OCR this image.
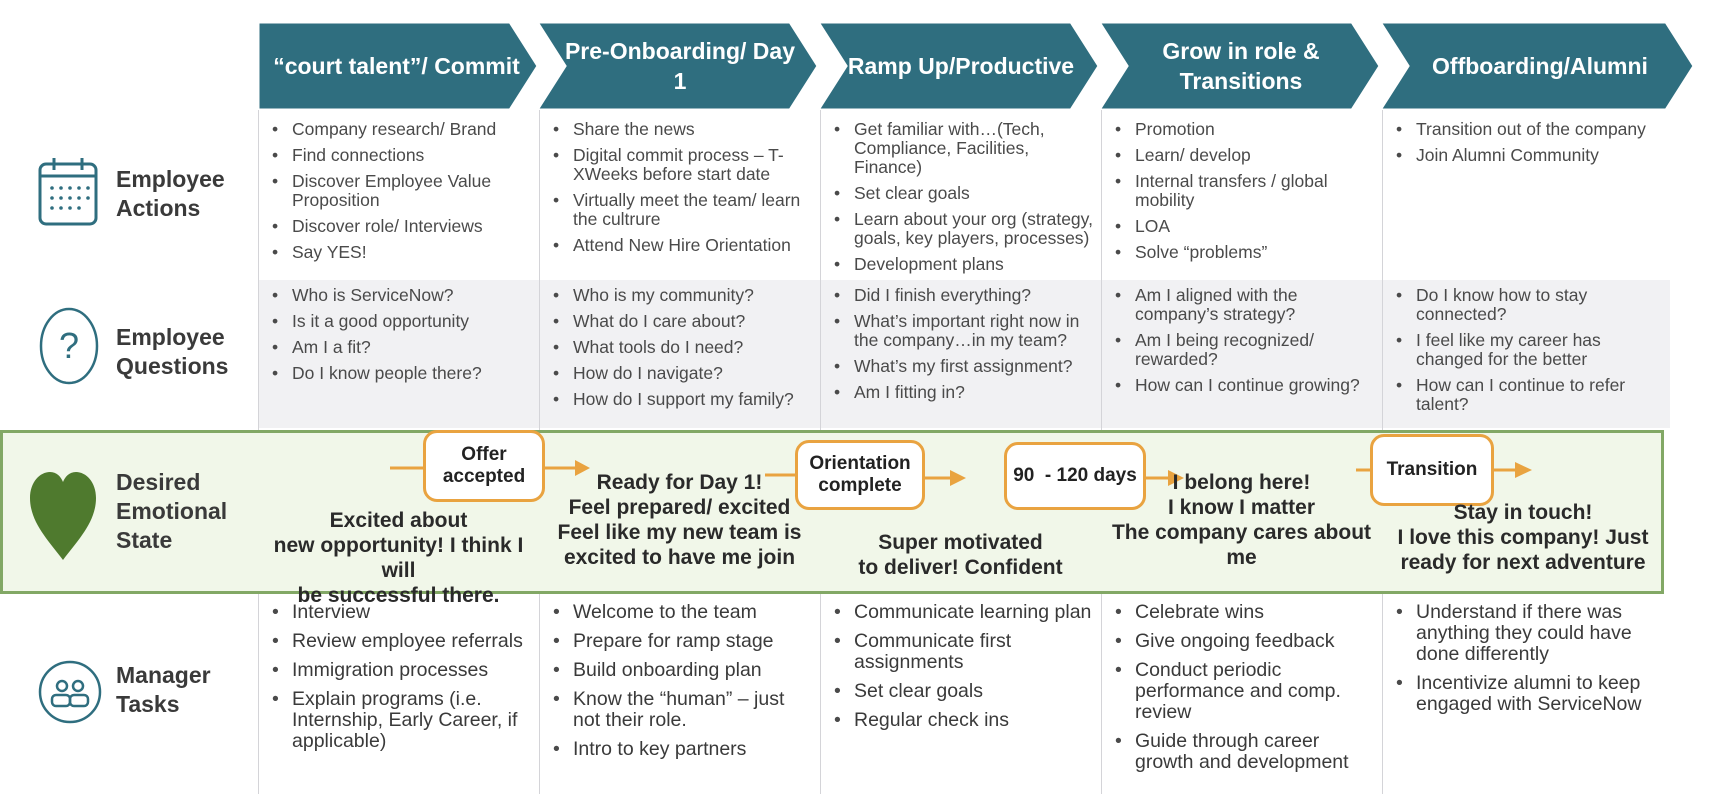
“court talent”/ Commit
Pre-Onboarding/ Day 1
Ramp Up/Productive
Grow in role &
Transitions
Offboarding/Alumni
Employee
Actions
? Employee
Questions
Desired
Emotional
State
Offer
accepted
Orientation
complete	90  - 120 days	Transition
Excited about
new opportunity! I think I will
be successful there.
Ready for Day 1!
Feel prepared/ excited
Feel like my new team is
excited to have me join
Super motivated
to deliver! Confident
I belong here!
I know I matter
The company cares about
me
Stay in touch!
I love this company! Just
ready for next adventure
Manager
Tasks
• Company research/ Brand
• Find connections
• Discover Employee Value Proposition
• Discover role/ Interviews
• Say YES!
• Share the news
• Digital commit process – T-XWeeks before start date
• Virtually meet the team/ learn the cultrure
• Attend New Hire Orientation
• Get familiar with…(Tech, Compliance, Facilities, Finance)
• Set clear goals
• Learn about your org (strategy, goals, key players, processes)
• Development plans
• Promotion
• Learn/ develop
• Internal transfers / global mobility
• LOA
• Solve “problems”
• Transition out of the company
• Join Alumni Community
• Who is ServiceNow?
• Is it a good opportunity
• Am I a fit?
• Do I know people there?
• Who is my community?
• What do I care about?
• What tools do I need?
• How do I navigate?
• How do I support my family?
• Did I finish everything?
• What’s important right now in the company…in my team?
• What’s my first assignment?
• Am I fitting in?
• Am I aligned with the company’s strategy?
• Am I being recognized/ rewarded?
• How can I continue growing?
• Do I know how to stay connected?
• I feel like my career has changed for the better
• How can I continue to refer talent?
• Interview
• Review employee referrals
• Immigration processes
• Explain programs (i.e. Internship, Early Career, if applicable)
• Welcome to the team
• Prepare for ramp stage
• Build onboarding plan
• Know the “human” – just not their role.
• Intro to key partners
• Communicate learning plan
• Communicate first assignments
• Set clear goals
• Regular check ins
• Celebrate wins
• Give ongoing feedback
• Conduct periodic performance and comp. review
• Guide through career growth and development
• Understand if there was anything they could have done differently
• Incentivize alumni to keep engaged with ServiceNow
